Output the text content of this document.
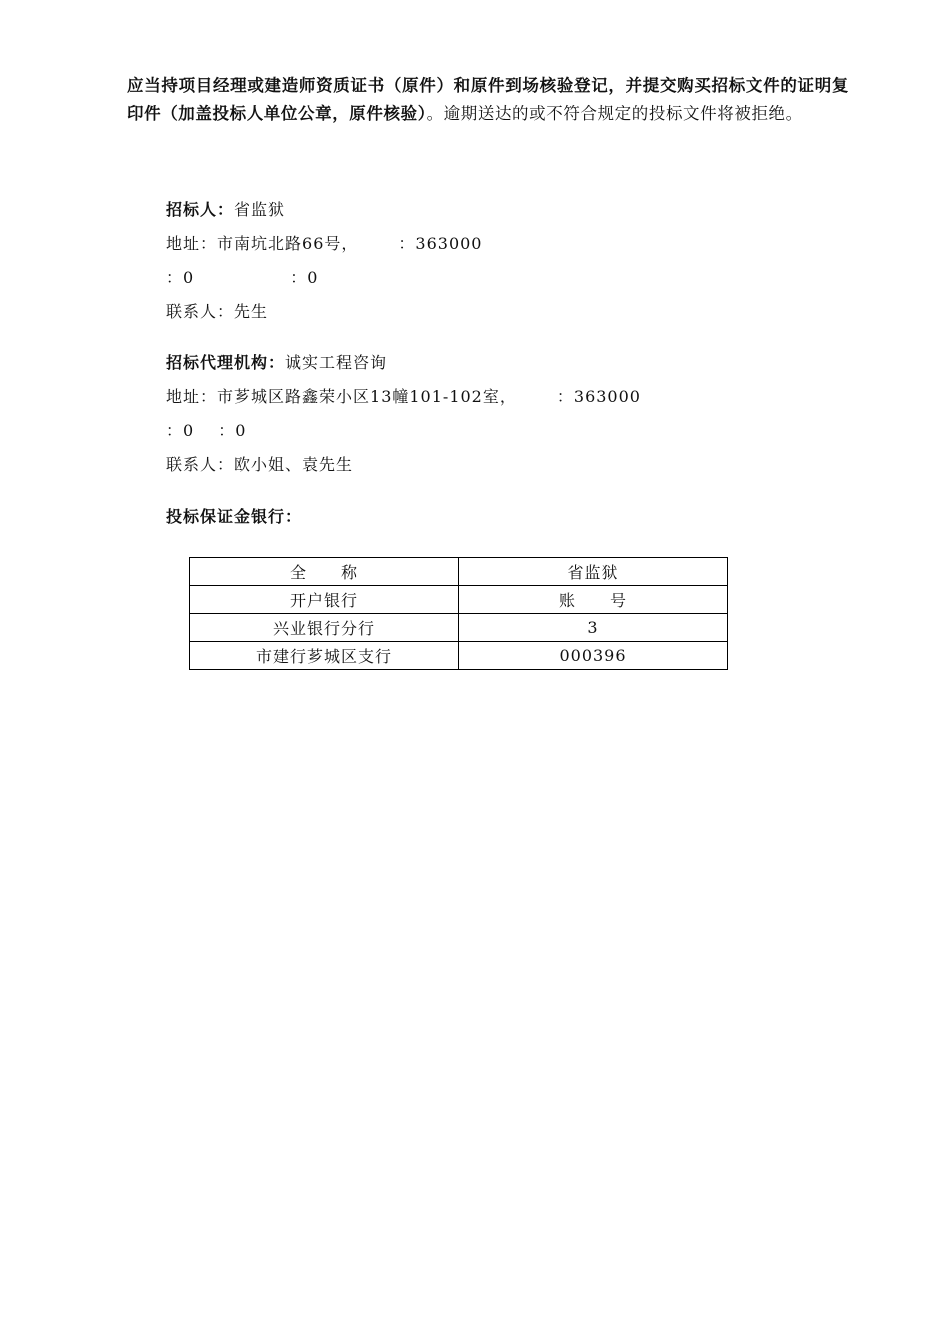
应当持项目经理或建造师资质证书（原件）和原件到场核验登记，并提交购买招标文件的证明复印件（加盖投标人单位公章，原件核验）。逾期送达的或不符合规定的投标文件将被拒绝。
招标人：省监狱
地址：市南坑北路66号，	：363000
：0	：0
联系人：先生
招标代理机构：诚实工程咨询
地址：市芗城区路鑫荣小区13幢101-102室，	：363000
：0 ：0
联系人：欧小姐、袁先生
投标保证金银行：
全　　称	省监狱
开户银行	账　　号
兴业银行分行	3
市建行芗城区支行	000396
